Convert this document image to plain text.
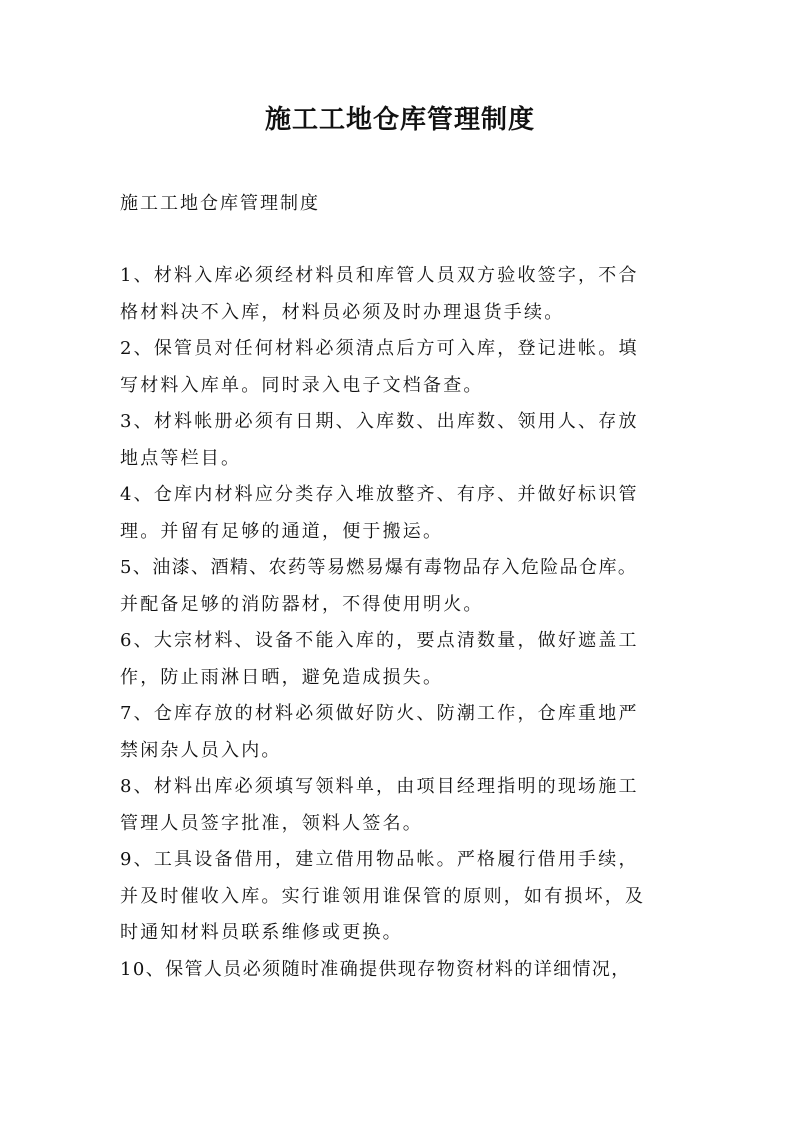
施工工地仓库管理制度
施工工地仓库管理制度
1、材料入库必须经材料员和库管人员双方验收签字，不合
格材料决不入库，材料员必须及时办理退货手续。
2、保管员对任何材料必须清点后方可入库，登记进帐。填
写材料入库单。同时录入电子文档备查。
3、材料帐册必须有日期、入库数、出库数、领用人、存放
地点等栏目。
4、仓库内材料应分类存入堆放整齐、有序、并做好标识管
理。并留有足够的通道，便于搬运。
5、油漆、酒精、农药等易燃易爆有毒物品存入危险品仓库。
并配备足够的消防器材，不得使用明火。
6、大宗材料、设备不能入库的，要点清数量，做好遮盖工
作，防止雨淋日晒，避免造成损失。
7、仓库存放的材料必须做好防火、防潮工作，仓库重地严
禁闲杂人员入内。
8、材料出库必须填写领料单，由项目经理指明的现场施工
管理人员签字批准，领料人签名。
9、工具设备借用，建立借用物品帐。严格履行借用手续，
并及时催收入库。实行谁领用谁保管的原则，如有损坏，及
时通知材料员联系维修或更换。
10、保管人员必须随时准确提供现存物资材料的详细情况，
